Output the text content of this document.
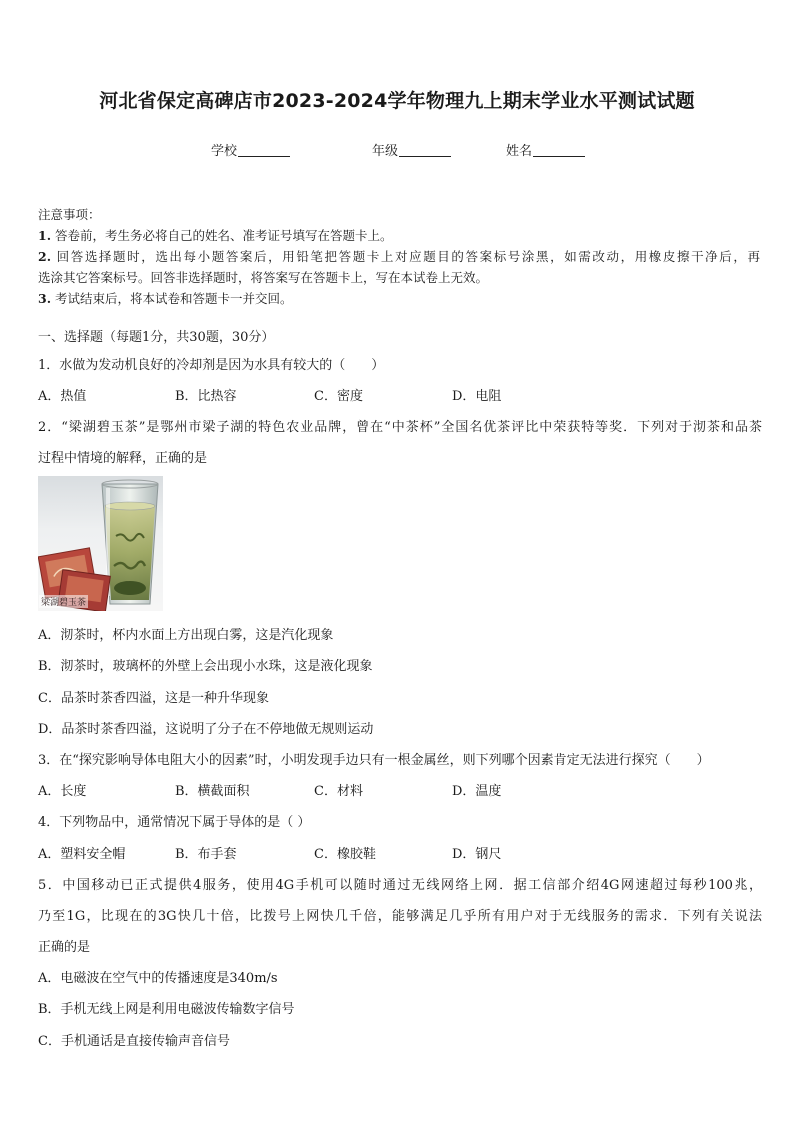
河北省保定高碑店市2023-2024学年物理九上期末学业水平测试试题
学校	年级	姓名
注意事项：
1. 答卷前，考生务必将自己的姓名、准考证号填写在答题卡上。
2. 回答选择题时，选出每小题答案后，用铅笔把答题卡上对应题目的答案标号涂黑，如需改动，用橡皮擦干净后，再
选涂其它答案标号。回答非选择题时，将答案写在答题卡上，写在本试卷上无效。
3. 考试结束后，将本试卷和答题卡一并交回。
一、选择题（每题1分，共30题，30分）
1．水做为发动机良好的冷却剂是因为水具有较大的（　　）
A．热值	B．比热容	C．密度	D．电阻
2．“梁湖碧玉茶”是鄂州市梁子湖的特色农业品牌，曾在“中茶杯”全国名优茶评比中荣获特等奖．下列对于沏茶和品茶
过程中情境的解释，正确的是
梁湖碧玉茶
A．沏茶时，杯内水面上方出现白雾，这是汽化现象
B．沏茶时，玻璃杯的外壁上会出现小水珠，这是液化现象
C．品茶时茶香四溢，这是一种升华现象
D．品茶时茶香四溢，这说明了分子在不停地做无规则运动
3．在“探究影响导体电阻大小的因素”时，小明发现手边只有一根金属丝，则下列哪个因素肯定无法进行探究（　　）
A．长度	B．横截面积	C．材料	D．温度
4．下列物品中，通常情况下属于导体的是（ ）
A．塑料安全帽	B．布手套	C．橡胶鞋	D．钢尺
5．中国移动已正式提供4服务，使用4G手机可以随时通过无线网络上网．据工信部介绍4G网速超过每秒100兆，
乃至1G，比现在的3G快几十倍，比拨号上网快几千倍，能够满足几乎所有用户对于无线服务的需求．下列有关说法
正确的是
A．电磁波在空气中的传播速度是340m/s
B．手机无线上网是利用电磁波传输数字信号
C．手机通话是直接传输声音信号
